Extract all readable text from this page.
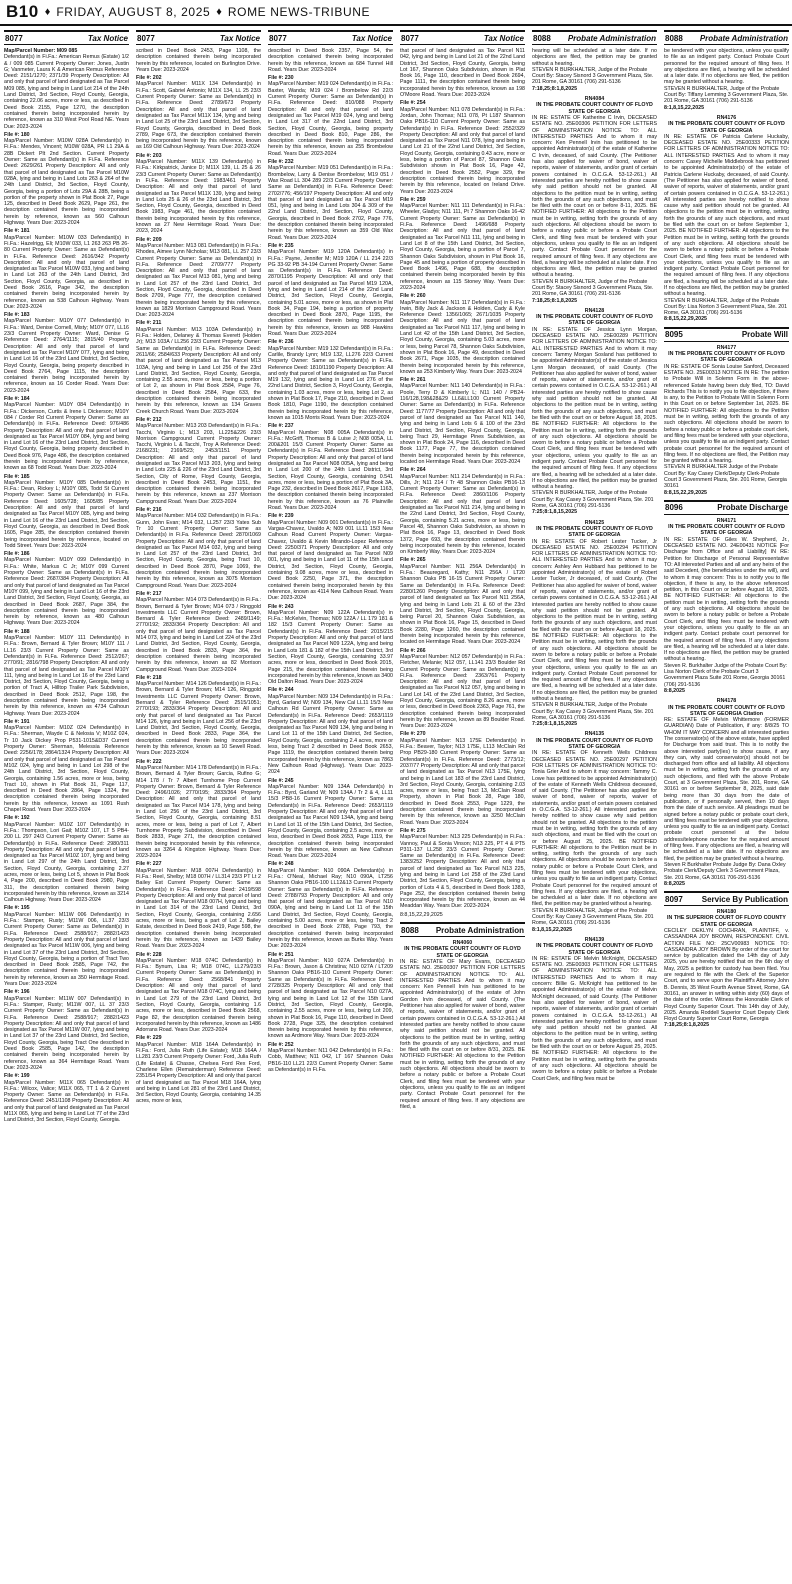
B10 ♦ FRIDAY, AUGUST 8, 2025 ♦ ROME NEWS-TRIBUNE
8077	Tax Notice
Map/Parcel Number: M09 085
Defendant(s) in Fi.Fa.: American Remus (Estate) 1/2 & / 009 085 Current Property Owner: Jones, Justin G; Vanmeter, Laura K & American Remus Reference Deed: 2151/1270; 2371/39 Property Description: All and only that parcel of land designated as Tax Parcel M09 085, lying and being in Land Lot 214 of the 24th Land District, 3rd Section, Floyd County, Georgia, containing 22.06 acres, more or less, as described in Deed Book 2155, Page 1270, the description contained therein being incorporated herein by reference, known as 310 West Pool Road NE. Years Due: 2023-2024
File #: 180
Map/Parcel Number: M10W 028A Defendant(s) in Fi.Fa.: Mendes, Vincent; M10W 028A, PR L1 29A & 28B Dickert Plt 2nd Section. Current Property Owner: Same as Defendant(s) in Fi.Fa. Reference Deed: 2629/261 Property Description: All and only that parcel of land designated as Tax Parcel M10W 028A, lying and being in Land Lots 263 & 264 of the 24th Land District, 3rd Section, Floyd County, Georgia, being a portion of Lots 29A & 28B, being a portion of the property shown in Plat Book 27, Page 125, described in Deed Book 2629, Page 261, the description contained therein being incorporated herein by reference, known as 560 Calhoun Highway. Years Due: 2023-2024
File #: 181
Map/Parcel Number: M10W 033 Defendant(s) in Fi.Fa.: Hazelrigg, Eli; M10W 033, L1 263 263 PB 26-80 Current Property Owner: Same as Defendant(s) in Fi.Fa. Reference Deed: 2616/342 Property Description: All and only that parcel of land designated as Tax Parcel M10W 033, lying and being in Land Lot 263 of the 24th Land District, 3rd Section, Floyd County, Georgia, as described in Deed Book 2616, Page 342, the description contained therein being incorporated herein by reference, known as 538 Calhoun Highway. Years Due: 2023-2024
File #: 183
Map/Parcel Number: M10Y 077 Defendant(s) in Fi.Fa.: Ward, Denise Cornell, Misty; M10Y 077, LL16 23/3 Current Property Owner: Ward, Denise G Reference Deed: 2764/1115; 2815/40 Property Description: All and only that parcel of land designated as Tax Parcel M10Y 077, lying and being in Land Lot 16 of the 23rd Land District, 3rd Section, Floyd County, Georgia, being property described in Deed Book 2764, Page 1115, the description contained therein being incorporated herein by reference, known as 16 Corder Road. Years Due: 2023-2024
File #: 184
Map/Parcel Number: M10Y 084 Defendant(s) in Fi.Fa.: Dickerson, Curtis & Irene L Dickerson; M10Y 084 / Corder Rd Current Property Owner: Same as Defendant(s) in Fi.Fa. Reference Deed: 976/486 Property Description: All and only that parcel of land designated as Tax Parcel M10Y 084, lying and being in Land Lot 16 of the 23rd Land District, 3rd Section, Floyd County, Georgia, being property described in Deed Book 976, Page 486, the description contained therein being incorporated herein by reference, known as 68 Todd Road. Years Due: 2023-2024
File #: 185
Map/Parcel Number: M10Y 085 Defendant(s) in Fi.Fa.: Dean, Rickey L; M10Y 085, Todd St Current Property Owner: Same as Defendant(s) in Fi.Fa. Reference Deed: 1605/728; 1605/85 Property Description: All and only that parcel of land designated as Tax Parcel M10Y 085, lying and being in Land Lot 16 of the 23rd Land District, 3rd Section, Floyd County, Georgia, as described in Deed Book 1605, Page 285, the description contained therein being incorporated herein by reference, located on Todd Street. Years Due: 2023-2024
File #: 186
Map/Parcel Number: M10Y 099 Defendant(s) in Fi.Fa.: White, Markus C Jr; M10Y 099 Current Property Owner: Same as Defendant(s) in Fi.Fa. Reference Deed: 2687/384 Property Description: All and only that parcel of land designated as Tax Parcel M10Y 099, lying and being in Land Lot 16 of the 23rd Land District, 3rd Section, Floyd County, Georgia, as described in Deed Book 2687, Page 384, the description contained therein being incorporated herein by reference, known as 480 Calhoun Highway. Years Due: 2023-2024
File #: 188
Map/Parcel Number: M10Y 111 Defendant(s) in Fi.Fa.: Brown, Bernard & Tyler Brown; M10Y 111 / LL16 23/3 Current Property Owner: Same as Defendant(s) in Fi.Fa. Reference Deed: 2512/267; 2770/91; 2816/798 Property Description: All and only that parcel of land designated as Tax Parcel M10Y 111, lying and being in Land Lot 16 of the 23rd Land District, 3rd Section, Floyd County, Georgia, being a portion of Tract A, Hilltop Trailer Park Subdivision, described in Deed Book 2512, Page 198, the description contained therein being incorporated herein by this reference, known as 4734 Calhoun Highway. Years Due: 2023-2024
File #: 191
Map/Parcel Number: M10Z 024 Defendant(s) in Fi.Fa.: Sherman, Wayde C & Nelosia V; M10Z 024, Tr 10 Jack Dickey Prop P531-1015&D37 Current Property Owner: Sherman, Melessia Reference Deed: 2256/178; 2864/1324 Property Description: All and only that parcel of land designated as Tax Parcel M10Z 024, lying and being in Land Lot 298 of the 24th Land District, 3rd Section, Floyd County, Georgia, containing 1.56 acres, more or less, being Tract 10, shown in Plat Book 31, Page 117, described in Deed Book 2864, Page 1324, the description contained therein being incorporated herein by this reference, known as 1091 Rush Chapel Road. Years Due: 2023-2024
File #: 192
Map/Parcel Number: M10Z 107 Defendant(s) in Fi.Fa.: Thompson, Lori Gail; M10Z 107, LT 5 PB4-200 LL 297 24/3 Current Property Owner: Same as Defendant(s) in Fi.Fa. Reference Deed: 2980/311 Property Description: All and only that parcel of land designated as Tax Parcel M10Z 107, lying and being in Land Lot 297 of the 24th Land District, 3rd Section, Floyd County, Georgia, containing 2.27 acres, more or less, being Lot 5, shown in Plat Book 4, Page 200, described in Deed Book 2980, Page 311, the description contained therein being incorporated herein by this reference, known as 3214 Calhoun Highway. Years Due: 2023-2024
File #: 195
Map/Parcel Number: M11W 006 Defendant(s) in Fi.Fa.: Stamper, Rusty; M11W 006, LL37 23/3 Current Property Owner: Same as Defendant(s) in Fi.Fa. Reference Deed: 2588/917; 2882/1423 Property Description: All and only that parcel of land designated as Tax Parcel M11W 006, lying and being in Land Lot 37 of the 23rd Land District, 3rd Section, Floyd County, Georgia, being a portion of Tract Two described in Deed Book 2585, Page 742, the description contained therein being incorporated herein by reference, known as 350 Hermitage Road. Years Due: 2023-2024
File #: 196
Map/Parcel Number: M11W 007 Defendant(s) in Fi.Fa.: Stamper, Rusty; M11W 007, LL 37 23/3 Current Property Owner: Same as Defendant(s) in Fi.Fa. Reference Deed: 2588/917; 2882/1423 Property Description: All and only that parcel of land designated as Tax Parcel M11W 007, lying and being in Land Lot 37 of the 23rd Land District, 3rd Section, Floyd County, Georgia, being Tract One described in Deed Book 2585, Page 142, the description contained therein being incorporated herein by reference, known as 364 Hermitage Road. Years Due: 2023-2024
File #: 199
Map/Parcel Number: M11X 065 Defendant(s) in Fi.Fa.: Wilcox, Valice; M11X 065, TT 1 & 2 Current Property Owner: Same as Defendant(s) in Fi.Fa. Reference Deed: 2451/1108 Property Description: All and only that parcel of land designated as Tax Parcel M11X 065, lying and being in Land Lot 77 of the 23rd Land District, 3rd Section, Floyd County, Georgia.
8077	Tax Notice
scribed in Deed Book 2453, Page 1108, the description contained therein being incorporated herein by this reference, located on Burlington Drive. Years Due: 2023-2024
File #: 202
Map/Parcel Number: M11X 134 Defendant(s) in Fi.Fa.: Scott, Gabriel Antonio; M11X 134, LL 25 23/3 Current Property Owner: Same as Defendant(s) in Fi.Fa. Reference Deed: 2789/673 Property Description: All and only that parcel of land designated as Tax Parcel M11X 134, lying and being in Land Lot 25 of the 23rd Land District, 3rd Section, Floyd County, Georgia, described in Deed Book 2789, Page 673, the description contained therein being incorporated herein by this reference, known as 169 Old Calhoun Highway. Years Due: 2023-2024
File #: 203
Map/Parcel Number: M11X 139 Defendant(s) in Fi.Fa.: Kirkpatrick, Janice D; M11X 139, LL 25 & 26 23/3 Current Property Owner: Same as Defendant(s) in Fi.Fa. Reference Deed: 1983/461 Property Description: All and only that parcel of land designated as Tax Parcel M11X 139, lying and being in Land Lots 25 & 26 of the 23rd Land District, 3rd Section, Floyd County, Georgia, described in Deed Book 1983, Page 461, the description contained therein being incorporated herein by this reference, known as 27 New Hermitage Road. Years Due: 2023, 2024
File #: 209
Map/Parcel Number: M13 081 Defendant(s) in Fi.Fa.: Rhodes, Aimee Lynn Nicholas; M13 081, LL 257 23/3 Current Property Owner: Same as Defendant(s) in Fi.Fa. Reference Deed: 2709/777 Property Description: All and only that parcel of land designated as Tax Parcel M13 081, lying and being in Land Lot 257 of the 23rd Land District, 3rd Section, Floyd County, Georgia, described in Deed Book 2709, Page 777, the description contained therein being incorporated herein by this reference, known as 1829 Morrison Campground Road. Years Due: 2023-2024
File #: 211
Map/Parcel Number: M13 103A Defendant(s) in Fi.Fa.: Holden, Delaney & Thomas Everett (Holden Jr); M13 103A / LL256 23/3 Current Property Owner: Same as Defendant(s) in Fi.Fa. Reference Deed: 2611/66; 2584/633 Property Description: All and only that parcel of land designated as Tax Parcel M13 103A, lying and being in Land Lot 256 of the 23rd Land District, 3rd Section, Floyd County, Georgia, containing 2.55 acres, more or less, being a portion of Lot 2, as shown in Plat Book 2584, Page 76, described in Deed Book 2584, Page 633, the description contained therein being incorporated herein by this reference, known as 134 Graves Creek Church Road. Years Due: 2023-2024
File #: 212
Map/Parcel Number: M13 203 Defendant(s) in Fi.Fa.: Tacchi, Virginio L; M13 203, LL225&226 23/3 Morrison Campground Current Property Owner: Tacchi, Virginio L & Tacchi, Troy A Reference Deed: 2168/231; 2169/523; 2453/1151 Property Description: All and only that parcel of land designated as Tax Parcel M13 203, lying and being in Land Lots 225 & 226 of the 23rd Land District, 3rd Section, City of Rome, Floyd County, Georgia, described in Deed Book 2453, Page 1151, the description contained therein being incorporated herein by this reference, known as 237 Morrison Campground Road. Years Due: 2023-2024
File #: 216
Map/Parcel Number: M14 032 Defendant(s) in Fi.Fa.: Gunn, John Evan; M14 032, LL257 23/3 Yates Sub Tr 10 Current Property Owner: Same as Defendant(s) in Fi.Fa. Reference Deed: 2870/1069 Property Description: All and only that parcel of land designated as Tax Parcel M14 032, lying and being in Land Lot 257 of the 23rd Land District, 3rd Section, Floyd County, Georgia, being Tract 10, described in Deed Book 2870, Page 1069, the description contained therein being incorporated herein by this reference, known as 3075 Morrison Campground Road. Years Due: 2023-2024
File #: 217
Map/Parcel Number: M14 073 Defendant(s) in Fi.Fa.: Brown, Bernard & Tyler Brown; M14 073 / Ringgold Investments LLC Current Property Owner: Brown, Bernard & Tyler Reference Deed: 2489/1149; 2770/192; 2833/364 Property Description: All and only that parcel of land designated as Tax Parcel M14 073, lying and being in Land Lot 224 of the 23rd Land District, 3rd Section, Floyd County, Georgia, described in Deed Book 2833, Page 364, the description contained therein being incorporated herein by this reference, known as 82 Morrison Campground Road. Years Due: 2023-2024
File #: 218
Map/Parcel Number: M14 126 Defendant(s) in Fi.Fa.: Brown, Bernard & Tyler Brown; M14 126, Ringgold Investments LLC Current Property Owner: Brown, Bernard & Tyler Reference Deed: 2515/1051; 2770/193; 2833/364 Property Description: All and only that parcel of land designated as Tax Parcel M14 126, lying and being in Land Lot 256 of the 23rd Land District, 3rd Section, Floyd County, Georgia, described in Deed Book 2833, Page 364, the description contained therein being incorporated herein by this reference, known as 10 Sewell Road. Years Due: 2023-2024
File #: 222
Map/Parcel Number: M14 178 Defendant(s) in Fi.Fa.: Brown, Bernard & Tyler Brown; Garcia, Rufino G; M14 178 / Tr 7 Albert Turnhome Prop Current Property Owner: Brown, Bernard & Tyler Reference Deed: 2496/1026; 2770/195; 2833/364 Property Description: All and only that parcel of land designated as Tax Parcel M14 178, lying and being in Land Lot 256 of the 23rd Land District, 3rd Section, Floyd County, Georgia, containing 8.51 acres, more or less, being a part of Lot 7, Albert Turnhome Property Subdivision, described in Deed Book 2833, Page 271, the description contained therein being incorporated herein by this reference, known as 3264 & Kingston Highway. Years Due: 2023-2024
File #: 227
Map/Parcel Number: M18 007H Defendant(s) in Fi.Fa.: Reel, Shelby; M18 007H / LL314 23/3 PT Lt 2 Bailey Est Current Property Owner: Same as Defendant(s) in Fi.Fa. Reference Deed: 2419/598 Property Description: All and only that parcel of land designated as Tax Parcel M18 007H, lying and being in Land Lot 314 of the 23rd Land District, 3rd Section, Floyd County, Georgia, containing 2.656 acres, more or less, being a part of Lot 2, Bailey Estate, described in Deed Book 2419, Page 598, the description contained therein being incorporated herein by this reference, known as 1439 Bailey Road. Years Due: 2023-2024
File #: 228
Map/Parcel Number: M18 074C Defendant(s) in Fi.Fa.: Bynum, Lisa R; M18 074C, LL279/23/3 Current Property Owner: Same as Defendant(s) in Fi.Fa. Reference Deed: 2568/841 Property Description: All and only that parcel of land designated as Tax Parcel M18 074C, lying and being in Land Lot 279 of the 23rd Land District, 3rd Section, Floyd County, Georgia, containing 1.6 acres, more or less, described in Deed Book 2568, Page 82, the description contained therein being incorporated herein by this reference, known as 1486 Adorrans Road. Years Due: 2023-2024
File #: 229
Map/Parcel Number: M18 164A Defendant(s) in Fi.Fa.: Ford, Julia Ruth (Life Estate); M18 164A / LL281 23/3 Current Property Owner: Ford, Julia Ruth (Life Estate) & Chasse, Chelsea Ford Rex Ford, Charlene Ellen (Remainderman) Reference Deed: 2351/54 Property Description: All and only that parcel of land designated as Tax Parcel M18 164A, lying and being in Land Lot 281 of the 23rd Land District, 3rd Section, Floyd County, Georgia, containing 14.35 acres, more or less,
8077	Tax Notice
described in Deed Book 2357, Page 54, the description contained therein being incorporated herein by this reference, known as 684 Tunnel Hill Road. Years Due: 2023-2024
File #: 230
Map/Parcel Number: M19 024 Defendant(s) in Fi.Fa.: Baxter, Wanda; M19 024 / Brombelow Rd 22/3 Current Property Owner: Same as Defendant(s) in Fi.Fa. Reference Deed: 810/088 Property Description: All and only that parcel of land designated as Tax Parcel M19 024, lying and being in Land Lot 317 of the 22nd Land District, 3rd Section, Floyd County, Georgia, being property described in Deed Book 810, Page 286, the description contained therein being incorporated herein by this reference, known as 255 Brombelow Road. Years Due: 2023-2024
File #: 232
Map/Parcel Number: M19 051 Defendant(s) in Fi.Fa.: Brombelow, Larry & Denise Brombelow; M19 051 / Wax Road LL 304 289 22/3 Current Property Owner: Same as Defendant(s) in Fi.Fa. Reference Deed: 2702/776; 456/197 Property Description: All and only that parcel of land designated as Tax Parcel M19 051, lying and being in Land Lots 304 & 309 of the 22nd Land District, 3rd Section, Floyd County, Georgia, described in Deed Book 2702, Page 776, the description contained therein being incorporated herein by this reference, known as 359 Old Wax Road. Years Due: 2023-2024
File #: 235
Map/Parcel Number: M19 120A Defendant(s) in Fi.Fa.: Payne, Jennifer M; M19 120A / LL 214 22/3 PG 33-92 PB 34-194 Current Property Owner: Same as Defendant(s) in Fi.Fa. Reference Deed: 2870/1195 Property Description: All and only that parcel of land designated as Tax Parcel M19 120A, lying and being in Land Lot 214 of the 22nd Land District, 3rd Section, Floyd County, Georgia, containing 5.01 acres, more or less, as shown in Plat Book 34, Page 194, being a portion of property described in Deed Book 2870, Page 1195, the description contained therein being incorporated herein by this reference, known as 988 Hawkins Road. Years Due: 2023-2024
File #: 236
Map/Parcel Number: M19 132 Defendant(s) in Fi.Fa.: Carlile, Brandy Lynn; M19 132, LL276 22/3 Current Property Owner: Same as Defendant(s) in Fi.Fa. Reference Deed: 1810/1190 Property Description: All and only that parcel of land designated as Tax Parcel M19 132, lying and being in Land Lot 276 of the 22nd Land District, Section 3, Floyd County, Georgia, containing 1.03 acres, more or less, being Lot 2, as shown in Plat Book 17, Page 210, described in Deed Book 1810, Page 1190, the description contained therein being incorporated herein by this reference, known as 1015 Morris Road. Years Due: 2023-2024
File #: 237
Map/Parcel Number: N08 005A Defendant(s) in Fi.Fa.: McGriff, Thomas B & Luise J; N08 005A, LL 200&201 15/3 Current Property Owner: Same as Defendant(s) in Fi.Fa. Reference Deed: 2611/1644 Property Description: All and only that parcel of land designated as Tax Parcel N08 005A, lying and being in Land Lot 200 of the 24th Land District, 3rd Section, Floyd County, Georgia, containing 0.541 acres, more or less, being a portion of Plat Book 3A, Page 232, described in Deed Book 2617, Page 1163, the description contained therein being incorporated herein by this reference, known as 76 Plainville Road. Years Due: 2023-2024
File #: 239
Map/Parcel Number: N09 001 Defendant(s) in Fi.Fa.: Vargas-Chavez, Uvaldo A; N09 001 LL11 15/3 New Calhoun Road Current Property Owner: Vargas-Chavez, Uvaldo & Kevin Mirando-Lopez Reference Deed: 2250/371 Property Description: All and only that parcel of land designated as Tax Parcel N09 001, lying and being in Land Lot 11 of the 15th Land District, 3rd Section, Floyd County, Georgia, containing 9.08 acres, more or less, described in Deed Book 2250, Page 371, the description contained therein being incorporated herein by this reference, known as 4114 New Calhoun Road. Years Due: 2023-2024
File #: 243
Map/Parcel Number: N09 122A Defendant(s) in Fi.Fa.: McKelvin, Thomas; N09 122A / LL 179 181 & 182 15/3 Current Property Owner: Same as Defendant(s) in Fi.Fa. Reference Deed: 2015/215 Property Description: All and only that parcel of land designated as Tax Parcel N09 122A, lying and being in Land Lots 181 & 182 of the 15th Land District, 3rd Section, Floyd County, Georgia, containing 33.97 acres, more or less, described in Deed Book 2015, Page 215, the description contained therein being incorporated herein by this reference, known as 3400 Old Dalton Road. Years Due: 2023-2024
File #: 244
Map/Parcel Number: N09 134 Defendant(s) in Fi.Fa.: Byrd, Garland W; N09 134, New Cal LL11 15/3 New Calhoun Rd Current Property Owner: Same as Defendant(s) in Fi.Fa. Reference Deed: 2653/1119 Property Description: All and only that parcel of land designated as Tax Parcel N09 134, lying and being in Land Lot 11 of the 15th Land District, 3rd Section, Floyd County, Georgia, containing 2.4 acres, more or less, being Tract 2 described in Deed Book 2653, Page 1119, the description contained therein being incorporated herein by this reference, known as 7863 New Calhoun Road (Highway). Years Due: 2023-2024
File #: 245
Map/Parcel Number: N09 134A Defendant(s) in Fi.Fa.: Byrd, Garland W; N09 134A / Tr 2 & 4, LL11 15/3 PB8-16 Current Property Owner: Same as Defendant(s) in Fi.Fa. Reference Deed: 2653/1119 Property Description: All and only that parcel of land designated as Tax Parcel N09 134A, lying and being in Land Lot 11 of the 15th Land District, 3rd Section, Floyd County, Georgia, containing 2.5 acres, more or less, described in Deed Book 2653, Page 1119, the description contained therein being incorporated herein by this reference, known as New Calhoun Road. Years Due: 2023-2024
File #: 248
Map/Parcel Number: N10 090A Defendant(s) in Fi.Fa.: O'Neal, Michael Ray; N10 090A, LT256 Shannon Oaks PB16-100 LL12&13 Current Property Owner: Same as Defendant(s) in Fi.Fa. Reference Deed: 2788/793 Property Description: All and only that parcel of land designated as Tax Parcel N10 090A, lying and being in Land Lot 11 of the 15th Land District, 3rd Section, Floyd County, Georgia, containing 5.00 acres, more or less, being Tract 2 described in Deed Book 2788, Page 793, the description contained therein being incorporated herein by this reference, known as Burks Way. Years Due: 2023-2024
File #: 251
Map/Parcel Number: N10 027A Defendant(s) in Fi.Fa.: Brown, Jason & Christina; N10 027A / LT209 Shannon Oaks PB16-110 Current Property Owner: Same as Defendant(s) in Fi.Fa. Reference Deed: 2728/325 Property Description: All and only that parcel of land designated as Tax Parcel N10 027A, lying and being in Land Lot 12 of the 15th Land District, 3rd Section, Floyd County, Georgia, containing 2.55 acres, more or less, being Lot 209, shown in Plat Book 16, Page 110, described in Deed Book 2728, Page 325, the description contained therein being incorporated herein by this reference, known as Ardmore Way. Years Due: 2023-2024
File #: 252
Map/Parcel Number: N11 042 Defendant(s) in Fi.Fa.: Cobb, Matthew; N11 042, LT 167 Shannon Oaks PB16-110 LL21 22/3 Current Property Owner: Same as Defendant(s) in Fi.Fa.
8077	Tax Notice
that parcel of land designated as Tax Parcel N11 042, lying and being in Land Lot 21 of the 22nd Land District, 3rd Section, Floyd County, Georgia, being Lot 167, Shannon Oaks Subdivision, shown in Plat Book 16, Page 110, described in Deed Book 2694, Page 1111, the description contained therein being incorporated herein by this reference, known as 198 O'Moore Road. Years Due: 2023-2024
File #: 254
Map/Parcel Number: N11 078 Defendant(s) in Fi.Fa.: Jordan, John Thomas; N11 078, Pt L187 Shannon Oaks PB16-110 Current Property Owner: Same as Defendant(s) in Fi.Fa. Reference Deed: 2552/329 Property Description: All and only that parcel of land designated as Tax Parcel N11 078, lying and being in Land Lot 21 of the 22nd Land District, 3rd Section, Floyd County, Georgia, containing 0.43 acre, more or less, being a portion of Parcel 87, Shannon Oaks Subdivision shown in Plat Book 16, Page 42, described in Deed Book 2552, Page 329, the description contained therein being incorporated herein by this reference, located on Ireland Drive. Years Due: 2023-2024
File #: 259
Map/Parcel Number: N11 111 Defendant(s) in Fi.Fa.: Wheeler, Gladys; N11 111, Pt 7 Shannon Oaks 16-42 Current Property Owner: Same as Defendant(s) in Fi.Fa. Reference Deed: 1496/688 Property Description: All and only that parcel of land designated as Tax Parcel N11 111, lying and being in Land Lot 8 of the 15th Land District, 3rd Section, Floyd County, Georgia, being a portion of Parcel 7, Shannon Oaks Subdivision, shown in Plat Book 16, Page 45 and being a portion of property described in Deed Book 1496, Page 688, the description contained therein being incorporated herein by this reference, known as 115 Stoney Way. Years Due: 2023-2024
File #: 260
Map/Parcel Number: N11 117 Defendant(s) in Fi.Fa.: Irwin, Billy Jack & Jackson & Holden, Cady & Kyle Reference Deed: 1356/1065; 2671/1035 Property Description: All and only that parcel of land designated as Tax Parcel N11 117, lying and being in Land Lot 42 of the 15th Land District, 3rd Section, Floyd County, Georgia, containing 5.03 acres, more or less, being Parcel 78, Shannon Oaks Subdivision, shown in Plat Book 16, Page 49, described in Deed Book 2671, Page 1035, the description contained therein being incorporated herein by this reference, known as 253 Kimberly Way. Years Due: 2023-2024
File #: 261
Map/Parcel Number: N11 140 Defendant(s) in Fi.Fa.: Poole, Terry D & Kimberly L; N11 140 / PB24-116/128,198&28&29 LL6&LL100 Current Property Owner: Same as Defendant(s) in Fi.Fa. Reference Deed: 1177/77 Property Description: All and only that parcel of land designated as Tax Parcel N11 140, lying and being in Land Lots 6 & 100 of the 23rd Land District, 3rd Section, Floyd County, Georgia, being Tract 29, Hermitage Pines Subdivision, as shown in Plat Book 24, Page 116, described in Deed Book 1177, Page 77, the description contained therein being incorporated herein by this reference, located on Hermitage Road. Years Due: 2023-2024
File #: 264
Map/Parcel Number: N11 214 Defendant(s) in Fi.Fa.: Dills, Jr; N11 214 / Tr 48 Shannon Oaks PB16-13 Current Property Owner: Same as Defendant(s) in Fi.Fa. Reference Deed: 2860/1106 Property Description: All and only that parcel of land designated as Tax Parcel N11 214, lying and being in the 22nd Land District, 3rd Section, Floyd County, Georgia, containing 5.21 acres, more or less, being Parcel 48, Shannon Oaks Subdivision, as shown in Plat Book 16, Page 13, described in Deed Book 1372, Page 693, the description contained therein being incorporated herein by this reference, located on Kimberly Way. Years Due: 2023-2024
File #: 265
Map/Parcel Number: N11 256A Defendant(s) in Fi.Fa.: Beauregard, Kathy; N11 256A / LT20 Shannon Oaks PB 16-15 Current Property Owner: Same as Defendant(s) in Fi.Fa. Reference Deed: 2280/1260 Property Description: All and only that parcel of land designated as Tax Parcel N11 256A, lying and being in Land Lots 21 & 60 of the 23rd Land District, 3rd Section, Floyd County, Georgia, being Parcel 20, Shannon Oaks Subdivision, as shown in Plat Book 16, Page 15, described in Deed Book 2280, Page 1260, the description contained therein being incorporated herein by this reference, located on Hermitage Road. Years Due: 2023-2024
File #: 266
Map/Parcel Number: N12 057 Defendant(s) in Fi.Fa.: Fletcher, Melanie; N12 057, LL141 23/3 Boulder Rd Current Property Owner: Same as Defendant(s) in Fi.Fa. Reference Deed: 2363/761 Property Description: All and only that parcel of land designated as Tax Parcel N12 057, lying and being in Land Lot 141 of the 23rd Land District, 3rd Section, Floyd County, Georgia, containing 8.26 acres, more or less, described in Deed Book 2363, Page 761, the description contained therein being incorporated herein by this reference, known as 89 Boulder Road. Years Due: 2023-2024
File #: 270
Map/Parcel Number: N13 175E Defendant(s) in Fi.Fa.: Beaver, Taylor; N13 175E, L113 McClain Rd Prop PB29-180 Current Property Owner: Same as Defendant(s) in Fi.Fa. Reference Deed: 2773/12; 2037/77 Property Description: All and only that parcel of land designated as Tax Parcel N13 175E, lying and being in Land Lot 183 of the 23rd Land District, 3rd Section, Floyd County, Georgia, containing 2.03 acres, more or less, being Tract 13, McClain Road Property, shown in Plat Book 28, Page 180, described in Deed Book 2553, Page 1229, the description contained therein being incorporated herein by this reference, known as 3250 McClain Road. Years Due: 2023-2024
File #: 275
Map/Parcel Number: N13 225 Defendant(s) in Fi.Fa.: Vannoy, Paul & Sonia Vinson; N13 225, PT 4 & PT5 P311-137 LL258 23/3 Current Property Owner: Same as Defendant(s) in Fi.Fa. Reference Deed: 1383/252 Property Description: All and only that parcel of land designated as Tax Parcel N13 225, lying and being in Land Lot 258 of the 23rd Land District, 3rd Section, Floyd County, Georgia, being a portion of Lots 4 & 5, described in Deed Book 1383, Page 252, the description contained therein being incorporated herein by this reference, known as 44 Meaddan Way. Years Due: 2023-2024
8:8,15,22,29,2025
8088 Probate Administration
RN4060
IN THE PROBATE COURT COUNTY OF FLOYD STATE OF GEORGIA
IN RE: ESTATE OF Mary Evans, DECEASED ESTATE NO. 25E00307 PETITION FOR LETTERS OF ADMINISTRATION NOTICE TO: ALL INTERESTED PARTIES And to whom it may concern: Ken Pennell Irvin has petitioned to be appointed Administrator(s) of the estate of John Gordon Irvin deceased, of said County. (The Petitioner has also applied for waiver of bond, waiver of reports, waiver of statements, and/or grant of certain powers contained in O.C.G.A. 53-12-261.) All interested parties are hereby notified to show cause why said petition should not be granted. All objections to the petition must be in writing, setting forth the grounds of any such objections, and must be filed with the court on or before 8/31, 2025. BE NOTIFIED FURTHER: All objections to the Petition must be in writing, setting forth the grounds of any such objections. All objections should be sworn to before a notary public or before a Probate Court Clerk, and filing fees must be tendered with your objections, unless you qualify to file as an indigent party. Contact Probate Court personnel for the required amount of filing fees. If any objections are filed, a
8088 Probate Administration
hearing will be scheduled at a later date. If no objections are filed, the petition may be granted without a hearing.
STEVEN R BURKHALTER, Judge of the Probate Court By: Stacey Sisnord 3 Government Plaza, Ste. 201 Rome, GA 30161 (706) 291-5136
7:18,25;8:1,8,2025
RN4084
IN THE PROBATE COURT COUNTY OF FLOYD STATE OF GEORGIA
IN RE: ESTATE OF Katherine C Irvin, DECEASED ESTATE NO. 25E00306 PETITION FOR LETTERS OF ADMINISTRATION NOTICE TO: ALL INTERESTED PARTIES And to whom it may concern: Ken Pennell Irvin has petitioned to be appointed Administrator(s) of the estate of Katherine C Irvin, deceased, of said County. (The Petitioner has also applied for waiver of bond, waiver of reports, waiver of statements, and/or grant of certain powers contained in O.C.G.A. 53-12-261.) All interested parties are hereby notified to show cause why said petition should not be granted. All objections to the petition must be in writing, setting forth the grounds of any such objections, and must be filed with the court on or before 8-11, 2025. BE NOTIFIED FURTHER: All objections to the Petition must be in writing, setting forth the grounds of any such objections. All objections should be sworn to before a notary public or before a Probate Court Clerk, and filing fees must be tendered with your objections, unless you qualify to file as an indigent party. Contact Probate Court personnel for the required amount of filing fees. If any objections are filed, a hearing will be scheduled at a later date. If no objections are filed, the petition may be granted without a hearing.
STEVEN R BURKHALTER, Judge of the Probate Court By: Stacey Sisnord 3 Government Plaza, Ste. 201 Rome, GA 30161 (706) 291-5136
7:18,25;8:1,8,2025
RN4128
IN THE PROBATE COURT COUNTY OF FLOYD STATE OF GEORGIA
IN RE: ESTATE OF Jessica Lynn Morgan, DECEASED ESTATE NO. 25E00289 PETITION FOR LETTERS OF ADMINISTRATION NOTICE TO: ALL INTERESTED PARTIES And to whom it may concern: Tammy Morgan Sosland has petitioned to be appointed Administrator(s) of the estate of Jessica Lynn Morgan deceased, of said County. (The Petitioner has also applied for waiver of bond, waiver of reports, waiver of statements, and/or grant of certain powers contained in O.C.G.A. 53-12-261.) All interested parties are hereby notified to show cause why said petition should not be granted. All objections to the petition must be in writing, setting forth the grounds of any such objections, and must be filed with the court on or before August 18, 2025. BE NOTIFIED FURTHER: All objections to the Petition must be in writing, setting forth the grounds of any such objections. All objections should be sworn to before a notary public or before a Probate Court Clerk, and filing fees must be tendered with your objections, unless you qualify to file as an indigent party. Contact Probate Court personnel for the required amount of filing fees. If any objections are filed, a hearing will be scheduled at a later date. If no objections are filed, the petition may be granted without a hearing.
STEVEN R BURKHALTER, Judge of the Probate Court By: Kay Casey 3 Government Plaza, Ste. 201 Rome, GA 30161 (706) 291-5136
7:25;8:1,8,15,2025
RN4125
IN THE PROBATE COURT COUNTY OF FLOYD STATE OF GEORGIA
IN RE: ESTATE OF Robert Lester Tucker, Jr DECEASED ESTATE NO. 25E00294 PETITION FOR LETTERS OF ADMINISTRATION NOTICE TO: ALL INTERESTED PARTIES And to whom it may concern: Ashley Ann Hubbard has petitioned to be appointed Administrator(s) of the estate of Robert Lester Tucker, Jr deceased, of said County. (The Petitioner has also applied for waiver of bond, waiver of reports, waiver of statements, and/or grant of certain powers contained in O.C.G.A. 53-12-261.) All interested parties are hereby notified to show cause why said petition should not be granted. All objections to the petition must be in writing, setting forth the grounds of any such objections, and must be filed with the court on or before August 18, 2025. BE NOTIFIED FURTHER: All objections to the Petition must be in writing, setting forth the grounds of any such objections. All objections should be sworn to before a notary public or before a Probate Court Clerk, and filing fees must be tendered with your objections, unless you qualify to file as an indigent party. Contact Probate Court personnel for the required amount of filing fees. If any objections are filed, a hearing will be scheduled at a later date. If no objections are filed, the petition may be granted without a hearing.
STEVEN R BURKHALTER, Judge of the Probate Court By: Kay Casey 3 Government Plaza, Ste. 201 Rome, GA 30161 (706) 291-5136
7:25;8:1,8,15,2025
RN4135
IN THE PROBATE COURT COUNTY OF FLOYD STATE OF GEORGIA
IN RE: ESTATE OF Kenneth Wells Childress DECEASED ESTATE NO. 25E00297 PETITION FOR LETTERS OF ADMINISTRATION NOTICE TO: Tonia Grier And to whom it may concern: Tammy C. Lowe has petitioned to be appointed Administrator(s) of the estate of Kenneth Wells Childress deceased, of said County. (The Petitioner has also applied for waiver of bond, waiver of reports, waiver of statements, and/or grant of certain powers contained in O.C.G.A. 53-12-261.) All interested parties are hereby notified to show cause why said petition should not be granted. All objections to the petition must be in writing, setting forth the grounds of any such objections, and must be filed with the court on or before August 25, 2025. BE NOTIFIED FURTHER: All objections to the Petition must be in writing, setting forth the grounds of any such objections. All objections should be sworn to before a notary public or before a Probate Court Clerk, and filing fees must be tendered with your objections, unless you qualify to file as an indigent party. Contact Probate Court personnel for the required amount of filing fees. If any objections are filed, a hearing will be scheduled at a later date. If no objections are filed, the petition may be granted without a hearing.
STEVEN R BURKHALTER, Judge of the Probate Court By: Kay Casey 3 Government Plaza, Ste. 201 Rome, GA 30161 (706) 291-5136
8:1,8,15,22,2025
RN4139
IN THE PROBATE COURT COUNTY OF FLOYD STATE OF GEORGIA
IN RE: ESTATE OF Melvin McKnight, DECEASED ESTATE NO. 25E00303 PETITION FOR LETTERS OF ADMINISTRATION NOTICE TO: ALL INTERESTED PARTIES And to whom it may concern: Billie G. McKnight has petitioned to be appointed Administrator(s) of the estate of Melvin McKnight deceased, of said County. (The Petitioner has also applied for waiver of bond, waiver of reports, waiver of statements, and/or grant of certain powers contained in O.C.G.A. 53-12-261.) All interested parties are hereby notified to show cause why said petition should not be granted. All objections to the petition must be in writing, setting forth the grounds of any such objections, and must be filed with the court on or before August 25, 2025. BE NOTIFIED FURTHER: All objections to the Petition must be in writing, setting forth the grounds of any such objections. All objections should be sworn to before a notary public or before a Probate Court Clerk, and filing fees must be
8088 Probate Administration
be tendered with your objections, unless you qualify to file as an indigent party. Contact Probate Court personnel for the required amount of filing fees. If any objections are filed, a hearing will be scheduled at a later date. If no objections are filed, the petition may be granted without a hearing.
STEVEN R BURKHALTER, Judge of the Probate Court By: Tiffany Lemming 3 Government Plaza, Ste. 201 Rome, GA 30161 (706) 291-5136
8:1,8,15,22,2025
RN4176
IN THE PROBATE COURT COUNTY OF FLOYD STATE OF GEORGIA
IN RE: ESTATE OF Patricia Carlene Huckaby, DECEASED ESTATE NO. 25E00333 PETITION FOR LETTERS OF ADMINISTRATION NOTICE TO: ALL INTERESTED PARTIES And to whom it may concern: Casey Michelle Middlebrook has petitioned to be appointed Administrator(s) of the estate of Patricia Carlene Huckaby, deceased, of said County. (The Petitioner has also applied for waiver of bond, waiver of reports, waiver of statements, and/or grant of certain powers contained in O.C.G.A. 53-12-261.) All interested parties are hereby notified to show cause why said petition should not be granted. All objections to the petition must be in writing, setting forth the grounds of any such objections, and must be filed with the court on or before September 1, 2025. BE NOTIFIED FURTHER: All objections to the Petition must be in writing, setting forth the grounds of any such objections. All objections should be sworn to before a notary public or before a Probate Court Clerk, and filing fees must be tendered with your objections, unless you qualify to file as an indigent party. Contact Probate Court personnel for the required amount of filing fees. If any objections are filed, a hearing will be scheduled at a later date. If no objections are filed, the petition may be granted without a hearing.
STEVEN R BURKHALTER, Judge of the Probate Court By: Lisa Norton 3 Government Plaza, Ste. 201 Rome, GA 30161 (706) 291-5136
8:8,15,22,29,2025
8095	Probate Will
RN4177
IN THE PROBATE COURT COUNTY OF FLOYD STATE OF GEORGIA
IN RE: ESTATE OF Sonia Louise Sanford, Deceased ESTATE NO. 25E00313 NOTICE IN RE: The petition to Probate Will in Solemn Form in the above-referenced Estate having been duly filed, TO: David Richards This is to notify you to file objection, if there is any, to the Petition to Probate Will in Solemn Form in this Court on or before September 1st, 2025. BE NOTIFIED FURTHER: All objections to the Petition must be in writing, setting forth the grounds of any such objections. All objections should be sworn to before a notary public or before a probate court clerk, and filing fees must be tendered with your objections, unless you qualify to file as an indigent party. Contact probate court personnel for the required amount of filing fees. If no objections are filed, the Petition may be granted without a hearing.
STEVEN R BURKHALTER Judge of the Probate Court By: Kay Casey Clerk/Deputy Clerk-Probate Court 3 Government Plaza, Ste. 201 Rome, Georgia 30161
8:8,15,22,29,2025
8096	Probate Discharge
RN4171
IN THE PROBATE COURT COUNTY OF FLOYD STATE OF GEORGIA
IN RE: ESTATE OF Giles W. Shepherd, Jr., DECEASED ESTATE NO. 24E00431 NOTICE [For Discharge from Office and all Liability] IN RE: Petition for Discharge of Personal Representative TO: All interested Parties and all and any heirs of the said Decedent, (the beneficiaries under the will), and to whom it may concern: This is to notify you to file objection, if there is any, to the above referenced petition, in this Court on or before August 18, 2025. BE NOTIFIED FURTHER: All objections to the petition must be in writing, setting forth the grounds of any such objections. All objections should be sworn to before a notary public or before a Probate Court Clerk, and filing fees must be tendered with your objections, unless you qualify to file as an indigent party. Contact probate court personnel for the required amount of filing fees. If any objections are filed, a hearing will be scheduled at a later date. If no objections are filed, the petition may be granted without a hearing.
Steven R. Burkhalter Judge of the Probate Court By: Lisa Norton Clerk of the Probate Court 3 Government Plaza Suite 201 Rome, Georgia 30161 (706) 291-5136
8:8,2025
RN4178
IN THE PROBATE COURT COUNTY OF FLOYD STATE OF GEORGIA Citation
RE: ESTATE OF Melvin Whittemore (FORMER GUARDIAN) Date of Publication, if any: 8/8/25 TO WHOM IT MAY CONCERN and all interested parties The conservator(s) of the above estate, have applied for Discharge from said trust. This is to notify the above interested party(ies) to show cause, if any they can, why said conservator(s) should not be discharged from office and all liability. All objections must be in writing, setting forth the grounds of any such objections, and filed with the above Probate Court, at 3 Government Plaza, Ste. 201, Rome, GA 30161 on or before September 8, 2025, said date being more than 30 days from the date of publication, or if personally served, then 10 days from the date of such service. All pleadings must be signed before a notary public or probate court clerk, and filing fees must be tendered with your objections, unless you qualify to file as an indigent party. Contact probate court personnel at the below address/telephone number for the required amount of filing fees. If any objections are filed, a hearing will be scheduled at a later date. If no objections are filed, the petition may be granted without a hearing.
Steven R Burkhalter Probate Judge By: Dana Oxley Probate Clerk/Deputy Clerk 3 Government Plaza, Ste. 201 Rome, GA 30161 706-291-5136
8:8,2025
8097 Service By Publication
RN4180
IN THE SUPERIOR COURT OF FLOYD COUNTY STATE OF GEORGIA
CECILEY DEKLYN COCHRAN, PLAINTIFF, v. CASSANDRA JOY BROWN, RESPONDENT. CIVIL ACTION FILE NO: 25CV00983 NOTICE TO: CASSANDRA JOY BROWN By order of the court for service by publication dated the 14th day of July 2025, you are hereby notified that on the 6th day of May, 2025 a petition for custody has been filed. You are required to file with the Clerk of the Superior Court, and to serve upon the Plaintiff's Attorney John B. Dennis, 35 West Fourth Avenue Street, Rome, GA 30161, an answer in writing within sixty (60) days of the date of the order. Witness the Honorable Clerk of Floyd County Superior Court. This 14th day of July, 2025. Amanda Roddell Superior Court Deputy Clerk Floyd County Superior Court Rome, Georgia
7:18,25;8:1,8,2025
